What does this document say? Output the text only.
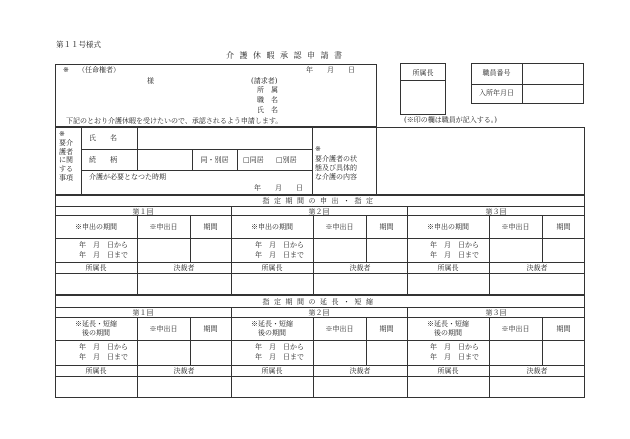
第１１号様式
介護休暇承認申請書
※ （任命権者）	年　　月　　日
様	(請求者)
所　属
職　名
氏　名
下記のとおり介護休暇を受けたいので、承認されるよう申請します。
所属長	職員番号
入所年月日
(※印の欄は職員が記入する。)
※
要介
護者
に関
する
事項
氏　　名
続　　柄	同・別居	□同居 □別居
介護が必要となつた時期
年　　月　　日
※
要介護者の状
態及び具体的
な介護の内容
指定期間の申出・指定
第１回	第２回	第３回
※申出の期間	※申出日	期間	※申出の期間	※申出日	期間	※申出の期間	※申出日	期間
年　月　日から
年　月　日まで
年　月　日から
年　月　日まで
年　月　日から
年　月　日まで
所属長	決裁者	所属長	決裁者	所属長	決裁者
指定期間の延長・短縮
第１回	第２回	第３回
※延長・短縮
後の期間	※申出日	期間
※延長・短縮
後の期間	※申出日	期間
※延長・短縮
後の期間	※申出日	期間
年　月　日から
年　月　日まで
年　月　日から
年　月　日まで
年　月　日から
年　月　日まで
所属長	決裁者	所属長	決裁者	所属長	決裁者
